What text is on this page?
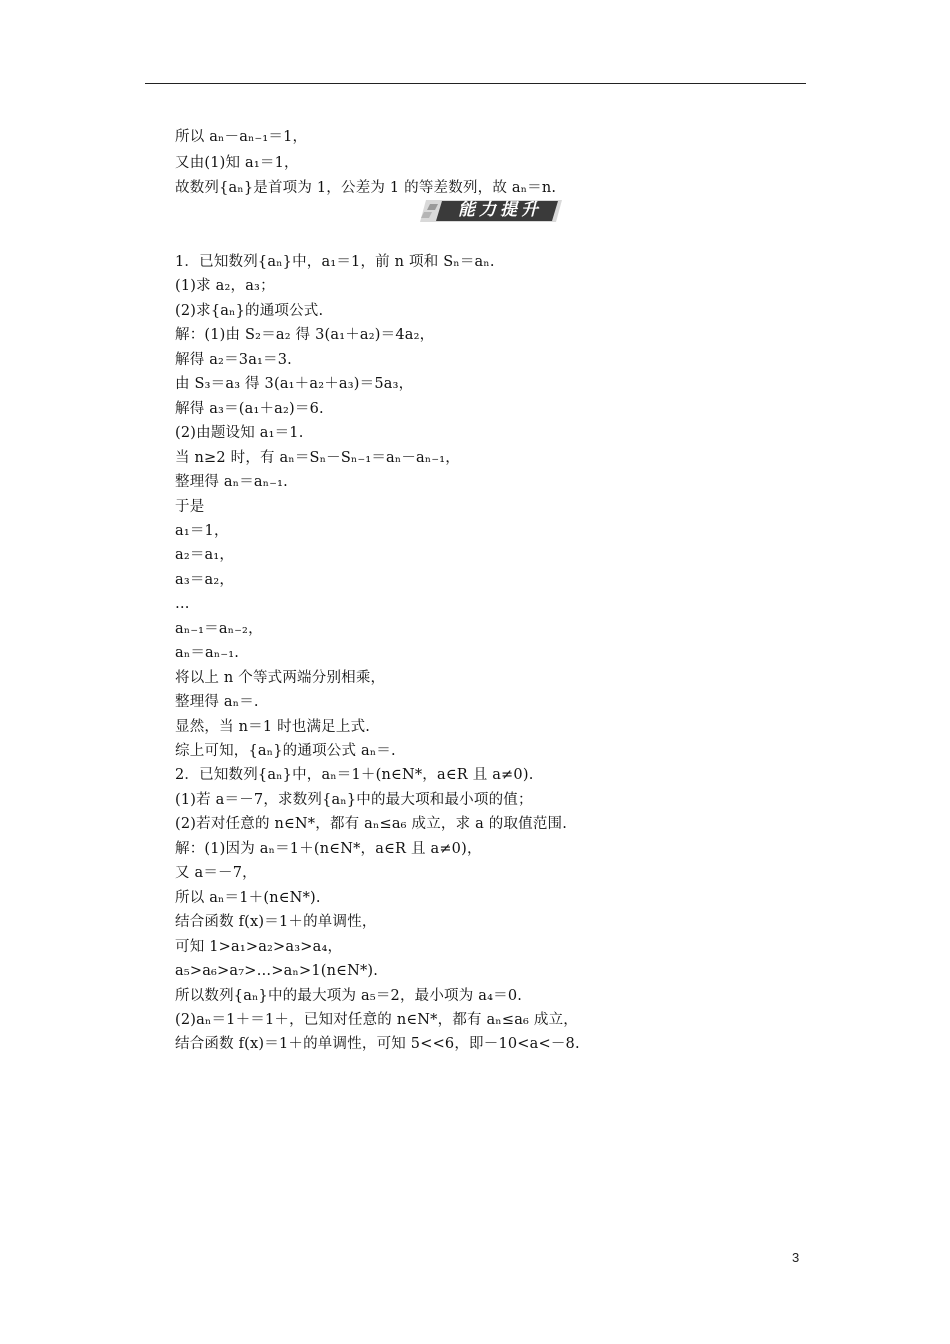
所以 aₙ－aₙ₋₁＝1，
又由(1)知 a₁＝1，
故数列{aₙ}是首项为 1，公差为 1 的等差数列，故 aₙ＝n.
能力提升
1．已知数列{aₙ}中，a₁＝1，前 n 项和 Sₙ＝aₙ.
(1)求 a₂，a₃；
(2)求{aₙ}的通项公式.
解：(1)由 S₂＝a₂ 得 3(a₁＋a₂)＝4a₂，
解得 a₂＝3a₁＝3.
由 S₃＝a₃ 得 3(a₁＋a₂＋a₃)＝5a₃，
解得 a₃＝(a₁＋a₂)＝6.
(2)由题设知 a₁＝1.
当 n≥2 时，有 aₙ＝Sₙ－Sₙ₋₁＝aₙ－aₙ₋₁，
整理得 aₙ＝aₙ₋₁.
于是
a₁＝1，
a₂＝a₁，
a₃＝a₂，
…
aₙ₋₁＝aₙ₋₂，
aₙ＝aₙ₋₁.
将以上 n 个等式两端分别相乘，
整理得 aₙ＝.
显然，当 n＝1 时也满足上式.
综上可知，{aₙ}的通项公式 aₙ＝.
2．已知数列{aₙ}中，aₙ＝1＋(n∈N*，a∈R 且 a≠0).
(1)若 a＝－7，求数列{aₙ}中的最大项和最小项的值；
(2)若对任意的 n∈N*，都有 aₙ≤a₆ 成立，求 a 的取值范围.
解：(1)因为 aₙ＝1＋(n∈N*，a∈R 且 a≠0)，
又 a＝－7，
所以 aₙ＝1＋(n∈N*).
结合函数 f(x)＝1＋的单调性，
可知 1>a₁>a₂>a₃>a₄，
a₅>a₆>a₇>…>aₙ>1(n∈N*).
所以数列{aₙ}中的最大项为 a₅＝2，最小项为 a₄＝0.
(2)aₙ＝1＋＝1＋，已知对任意的 n∈N*，都有 aₙ≤a₆ 成立，
结合函数 f(x)＝1＋的单调性，可知 5<<6，即－10<a<－8.
3
